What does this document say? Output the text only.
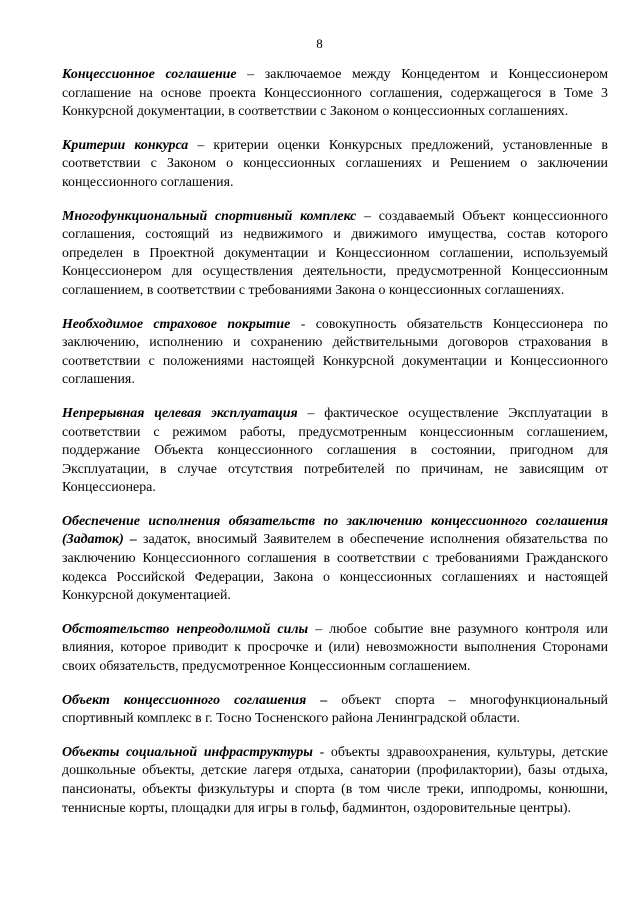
8

Концессионное соглашение – заключаемое между Концедентом и Концессионером соглашение на основе проекта Концессионного соглашения, содержащегося в Томе 3 Конкурсной документации, в соответствии с Законом о концессионных соглашениях.

Критерии конкурса – критерии оценки Конкурсных предложений, установленные в соответствии с Законом о концессионных соглашениях и Решением о заключении концессионного соглашения.

Многофункциональный спортивный комплекс – создаваемый Объект концессионного соглашения, состоящий из недвижимого и движимого имущества, состав которого определен в Проектной документации и Концессионном соглашении, используемый Концессионером для осуществления деятельности, предусмотренной Концессионным соглашением, в соответствии с требованиями Закона о концессионных соглашениях.

Необходимое страховое покрытие - совокупность обязательств Концессионера по заключению, исполнению и сохранению действительными договоров страхования в соответствии с положениями настоящей Конкурсной документации и Концессионного соглашения.

Непрерывная целевая эксплуатация – фактическое осуществление Эксплуатации в соответствии с режимом работы, предусмотренным концессионным соглашением, поддержание Объекта концессионного соглашения в состоянии, пригодном для Эксплуатации, в случае отсутствия потребителей по причинам, не зависящим от Концессионера.

Обеспечение исполнения обязательств по заключению концессионного соглашения (Задаток) – задаток, вносимый Заявителем в обеспечение исполнения обязательства по заключению Концессионного соглашения в соответствии с требованиями Гражданского кодекса Российской Федерации, Закона о концессионных соглашениях и настоящей Конкурсной документацией.

Обстоятельство непреодолимой силы – любое событие вне разумного контроля или влияния, которое приводит к просрочке и (или) невозможности выполнения Сторонами своих обязательств, предусмотренное Концессионным соглашением.

Объект концессионного соглашения – объект спорта – многофункциональный спортивный комплекс в г. Тосно Тосненского района Ленинградской области.

Объекты социальной инфраструктуры - объекты здравоохранения, культуры, детские дошкольные объекты, детские лагеря отдыха, санатории (профилактории), базы отдыха, пансионаты, объекты физкультуры и спорта (в том числе треки, ипподромы, конюшни, теннисные корты, площадки для игры в гольф, бадминтон, оздоровительные центры).
